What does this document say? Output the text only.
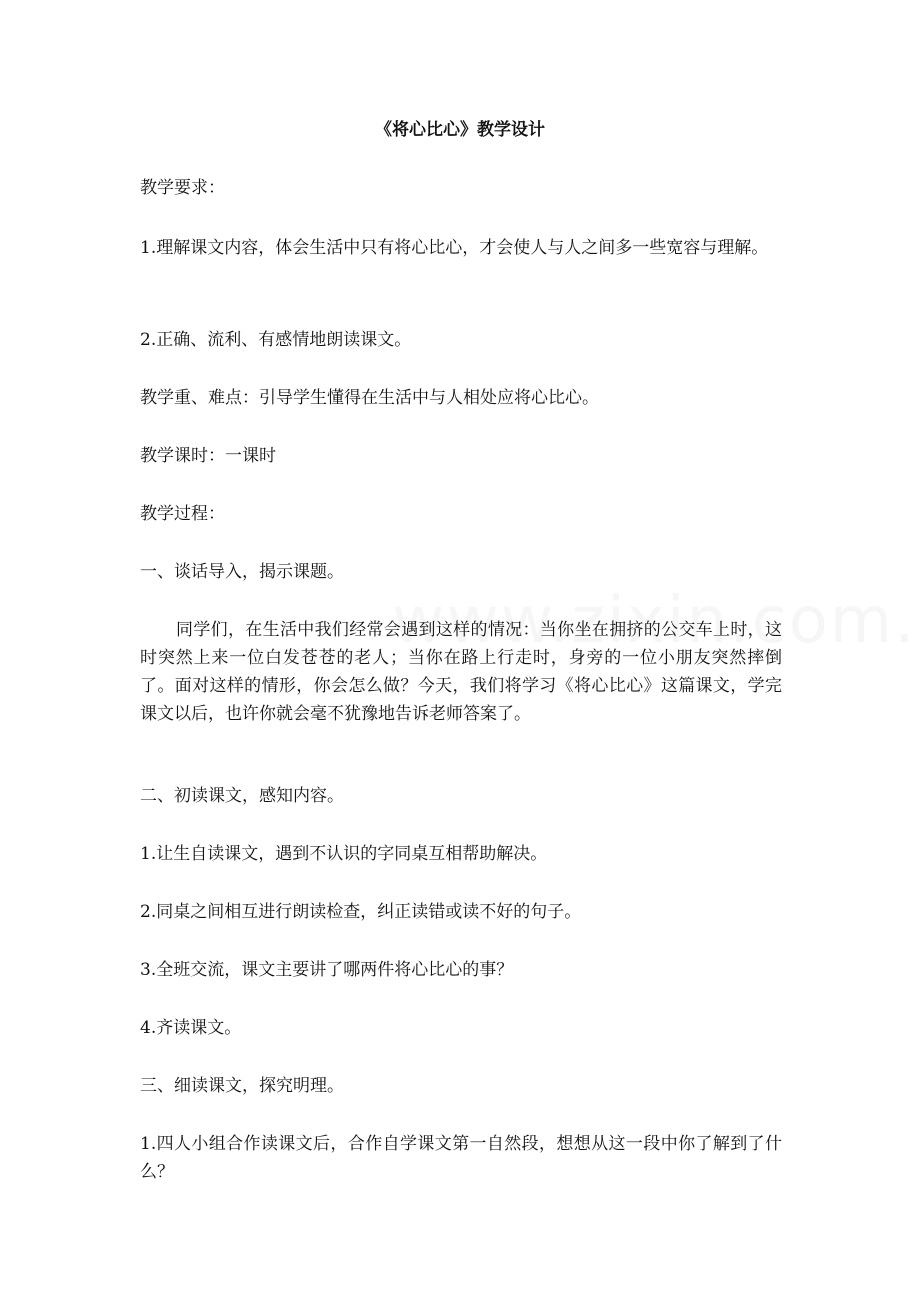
《将心比心》教学设计

教学要求：

1.理解课文内容，体会生活中只有将心比心，才会使人与人之间多一些宽容与理解。

2.正确、流利、有感情地朗读课文。

教学重、难点：引导学生懂得在生活中与人相处应将心比心。

教学课时：一课时

教学过程：

一、谈话导入，揭示课题。

同学们，在生活中我们经常会遇到这样的情况：当你坐在拥挤的公交车上时，这时突然上来一位白发苍苍的老人；当你在路上行走时，身旁的一位小朋友突然摔倒了。面对这样的情形，你会怎么做？今天，我们将学习《将心比心》这篇课文，学完课文以后，也许你就会毫不犹豫地告诉老师答案了。

二、初读课文，感知内容。

1.让生自读课文，遇到不认识的字同桌互相帮助解决。

2.同桌之间相互进行朗读检查，纠正读错或读不好的句子。

3.全班交流，课文主要讲了哪两件将心比心的事？

4.齐读课文。

三、细读课文，探究明理。

1.四人小组合作读课文后，合作自学课文第一自然段，想想从这一段中你了解到了什么？
